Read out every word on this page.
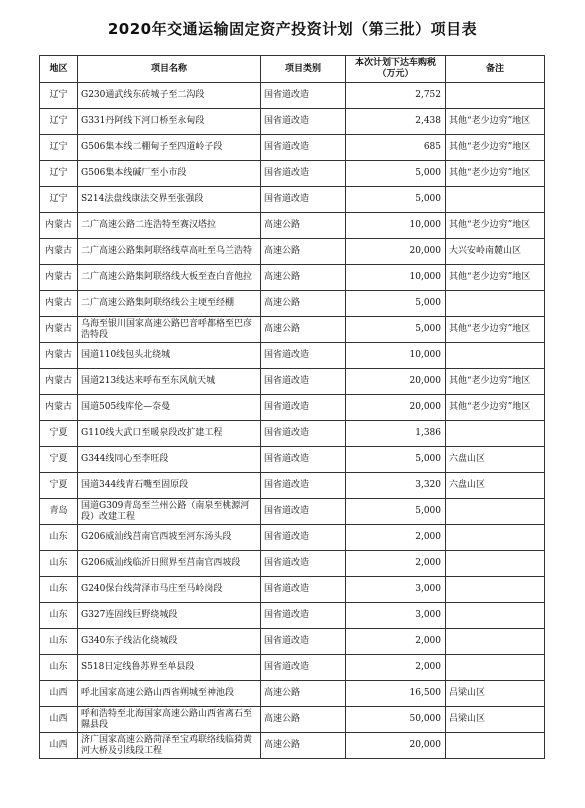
2020年交通运输固定资产投资计划（第三批）项目表
地区	项目名称	项目类别	本次计划下达车购税（万元）	备注
辽宁	G230通武线东砖城子至二沟段	国省道改造	2,752	
辽宁	G331丹阿线下河口桥至永甸段	国省道改造	2,438	其他“老少边穷”地区
辽宁	G506集本线二棚甸子至四道岭子段	国省道改造	685	其他“老少边穷”地区
辽宁	G506集本线碱厂至小市段	国省道改造	5,000	其他“老少边穷”地区
辽宁	S214法盘线康法交界至张强段	国省道改造	5,000	
内蒙古	二广高速公路二连浩特至赛汉塔拉	高速公路	10,000	其他“老少边穷”地区
内蒙古	二广高速公路集阿联络线草高吐至乌兰浩特	高速公路	20,000	大兴安岭南麓山区
内蒙古	二广高速公路集阿联络线大板至查白音他拉	高速公路	10,000	其他“老少边穷”地区
内蒙古	二广高速公路集阿联络线公主埂至经棚	高速公路	5,000	
内蒙古	乌海至银川国家高速公路巴音呼都格至巴彦浩特段	高速公路	5,000	其他“老少边穷”地区
内蒙古	国道110线包头北绕城	国省道改造	10,000	
内蒙古	国道213线达来呼布至东风航天城	国省道改造	20,000	其他“老少边穷”地区
内蒙古	国道505线库伦—奈曼	国省道改造	20,000	其他“老少边穷”地区
宁夏	G110线大武口至暖泉段改扩建工程	国省道改造	1,386	
宁夏	G344线同心至李旺段	国省道改造	5,000	六盘山区
宁夏	国道344线青石嘴至固原段	国省道改造	3,320	六盘山区
青岛	国道G309青岛至兰州公路（南泉至桃源河段）改建工程	国省道改造	5,000	
山东	G206威汕线莒南官西坡至河东汤头段	国省道改造	2,000	
山东	G206威汕线临沂日照界至莒南官西坡段	国省道改造	2,000	
山东	G240保台线菏泽市马庄至马岭岗段	国省道改造	3,000	
山东	G327连固线巨野绕城段	国省道改造	3,000	
山东	G340东子线沾化绕城段	国省道改造	2,000	
山东	S518日定线鲁苏界至单县段	国省道改造	2,000	
山西	呼北国家高速公路山西省朔城至神池段	高速公路	16,500	吕梁山区
山西	呼和浩特至北海国家高速公路山西省离石至隰县段	高速公路	50,000	吕梁山区
山西	济广国家高速公路菏泽至宝鸡联络线临猗黄河大桥及引线段工程	高速公路	20,000	
